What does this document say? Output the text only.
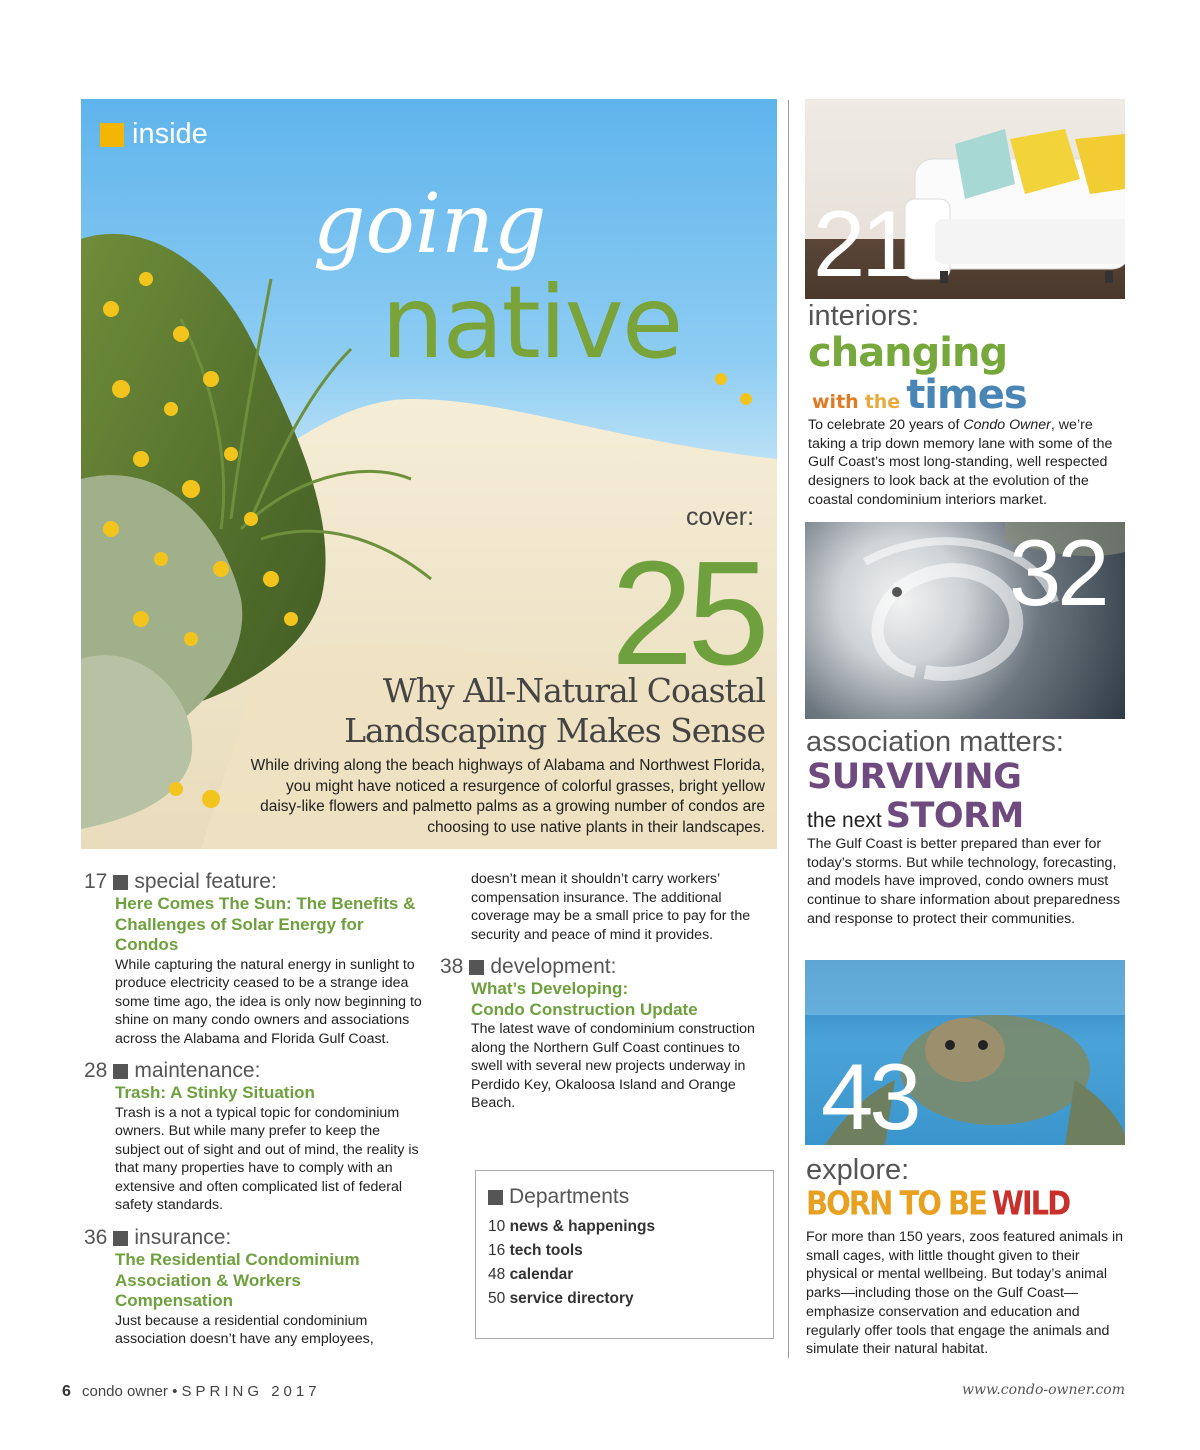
inside
going
native
cover:
25
Why All-Natural Coastal
Landscaping Makes Sense
While driving along the beach highways of Alabama and Northwest Florida, you might have noticed a resurgence of colorful grasses, bright yellow daisy-like flowers and palmetto palms as a growing number of condos are choosing to use native plants in their landscapes.
17 special feature:
Here Comes The Sun: The Benefits & Challenges of Solar Energy for Condos
While capturing the natural energy in sunlight to produce electricity ceased to be a strange idea some time ago, the idea is only now beginning to shine on many condo owners and associations across the Alabama and Florida Gulf Coast.
28 maintenance:
Trash: A Stinky Situation
Trash is a not a typical topic for condominium owners. But while many prefer to keep the subject out of sight and out of mind, the reality is that many properties have to comply with an extensive and often complicated list of federal safety standards.
36 insurance:
The Residential Condominium Association & Workers Compensation
Just because a residential condominium association doesn’t have any employees,
doesn’t mean it shouldn’t carry workers’ compensation insurance. The additional coverage may be a small price to pay for the security and peace of mind it provides.
38 development:
What’s Developing:
Condo Construction Update
The latest wave of condominium construction along the Northern Gulf Coast continues to swell with several new projects underway in Perdido Key, Okaloosa Island and Orange Beach.
Departments
10 news & happenings
16 tech tools
48 calendar
50 service directory
21
interiors:
changing
with the times
To celebrate 20 years of Condo Owner, we’re taking a trip down memory lane with some of the Gulf Coast’s most long-standing, well respected designers to look back at the evolution of the coastal condominium interiors market.
32
association matters:
SURVIVING
the next STORM
The Gulf Coast is better prepared than ever for today’s storms. But while technology, forecasting, and models have improved, condo owners must continue to share information about preparedness and response to protect their communities.
43
explore:
BORN TO BE WILD
For more than 150 years, zoos featured animals in small cages, with little thought given to their physical or mental wellbeing. But today’s animal parks—including those on the Gulf Coast—emphasize conservation and education and regularly offer tools that engage the animals and simulate their natural habitat.
6 condo owner • SPRING 2017	www.condo-owner.com
